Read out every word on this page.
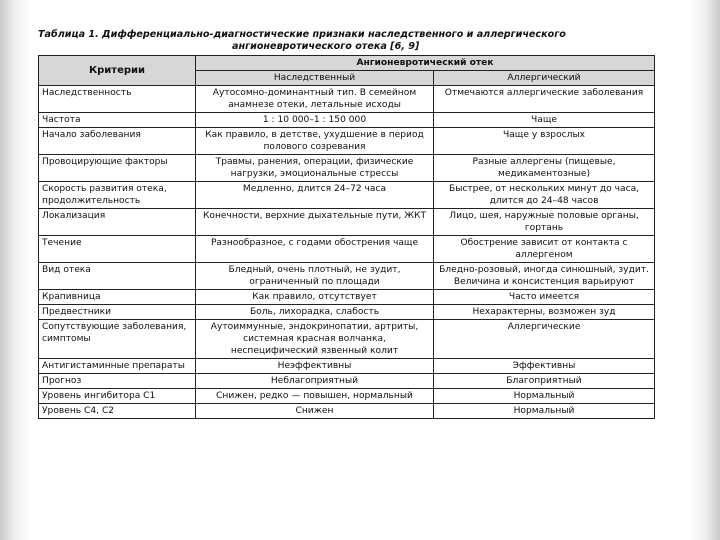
Таблица 1. Дифференциально-диагностические признаки наследственного и аллергического
ангионевротического отека [6, 9]
Критерии	Ангионевротический отек	
	Наследственный	Аллергический
Наследственность	Аутосомно-доминантный тип. В семейном анамнезе отеки, летальные исходы	Отмечаются аллергические заболевания
Частота	1 : 10 000–1 : 150 000	Чаще
Начало заболевания	Как правило, в детстве, ухудшение в период полового созревания	Чаще у взрослых
Провоцирующие факторы	Травмы, ранения, операции, физические нагрузки, эмоциональные стрессы	Разные аллергены (пищевые, медикаментозные)
Скорость развития отека, продолжительность	Медленно, длится 24–72 часа	Быстрее, от нескольких минут до часа, длится до 24–48 часов
Локализация	Конечности, верхние дыхательные пути, ЖКТ	Лицо, шея, наружные половые органы, гортань
Течение	Разнообразное, с годами обострения чаще	Обострение зависит от контакта с аллергеном
Вид отека	Бледный, очень плотный, не зудит, ограниченный по площади	Бледно-розовый, иногда синюшный, зудит. Величина и консистенция варьируют
Крапивница	Как правило, отсутствует	Часто имеется
Предвестники	Боль, лихорадка, слабость	Нехарактерны, возможен зуд
Сопутствующие заболевания, симптомы	Аутоиммунные, эндокринопатии, артриты, системная красная волчанка, неспецифический язвенный колит	Аллергические
Антигистаминные препараты	Неэффективны	Эффективны
Прогноз	Неблагоприятный	Благоприятный
Уровень ингибитора С1	Снижен, редко — повышен, нормальный	Нормальный
Уровень С4, С2	Снижен	Нормальный
